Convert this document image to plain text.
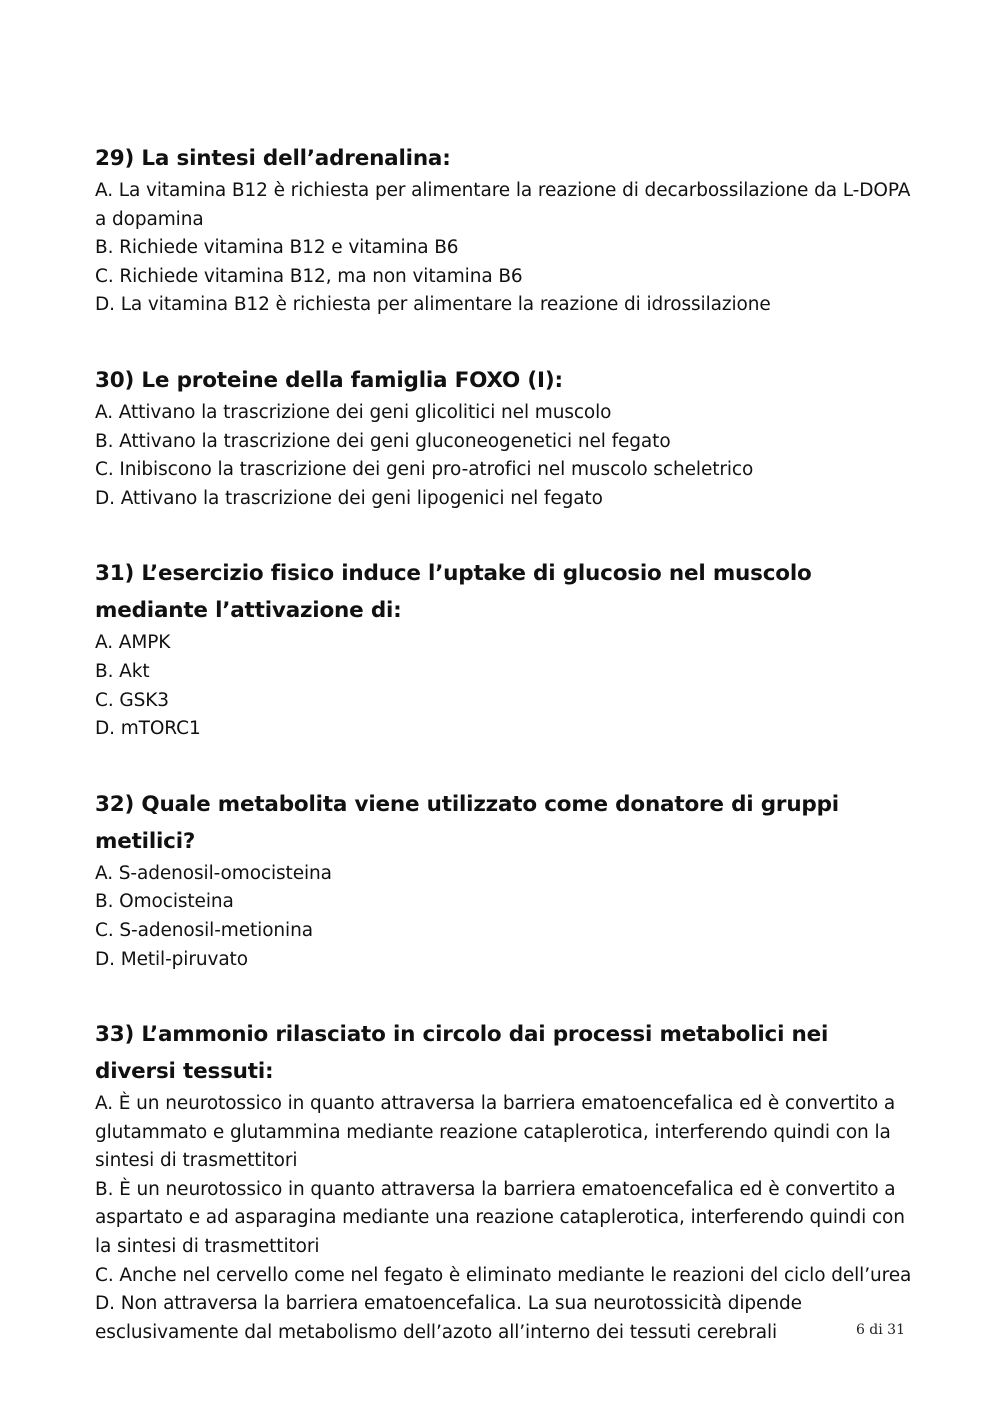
29) La sintesi dell’adrenalina:

A. La vitamina B12 è richiesta per alimentare la reazione di decarbossilazione da L-DOPA a dopamina

B. Richiede vitamina B12 e vitamina B6

C. Richiede vitamina B12, ma non vitamina B6

D. La vitamina B12 è richiesta per alimentare la reazione di idrossilazione

30) Le proteine della famiglia FOXO (I):

A. Attivano la trascrizione dei geni glicolitici nel muscolo

B. Attivano la trascrizione dei geni gluconeogenetici nel fegato

C. Inibiscono la trascrizione dei geni pro-atrofici nel muscolo scheletrico

D. Attivano la trascrizione dei geni lipogenici nel fegato

31) L’esercizio fisico induce l’uptake di glucosio nel muscolo mediante l’attivazione di:

A. AMPK

B. Akt

C. GSK3

D. mTORC1

32) Quale metabolita viene utilizzato come donatore di gruppi metilici?

A. S-adenosil-omocisteina

B. Omocisteina

C. S-adenosil-metionina

D. Metil-piruvato

33) L’ammonio rilasciato in circolo dai processi metabolici nei diversi tessuti:

A. È un neurotossico in quanto attraversa la barriera ematoencefalica ed è convertito a glutammato e glutammina mediante reazione cataplerotica, interferendo quindi con la sintesi di trasmettitori

B. È un neurotossico in quanto attraversa la barriera ematoencefalica ed è convertito a aspartato e ad asparagina mediante una reazione cataplerotica, interferendo quindi con la sintesi di trasmettitori

C. Anche nel cervello come nel fegato è eliminato mediante le reazioni del ciclo dell’urea

D. Non attraversa la barriera ematoencefalica. La sua neurotossicità dipende esclusivamente dal metabolismo dell’azoto all’interno dei tessuti cerebrali	6 di 31
